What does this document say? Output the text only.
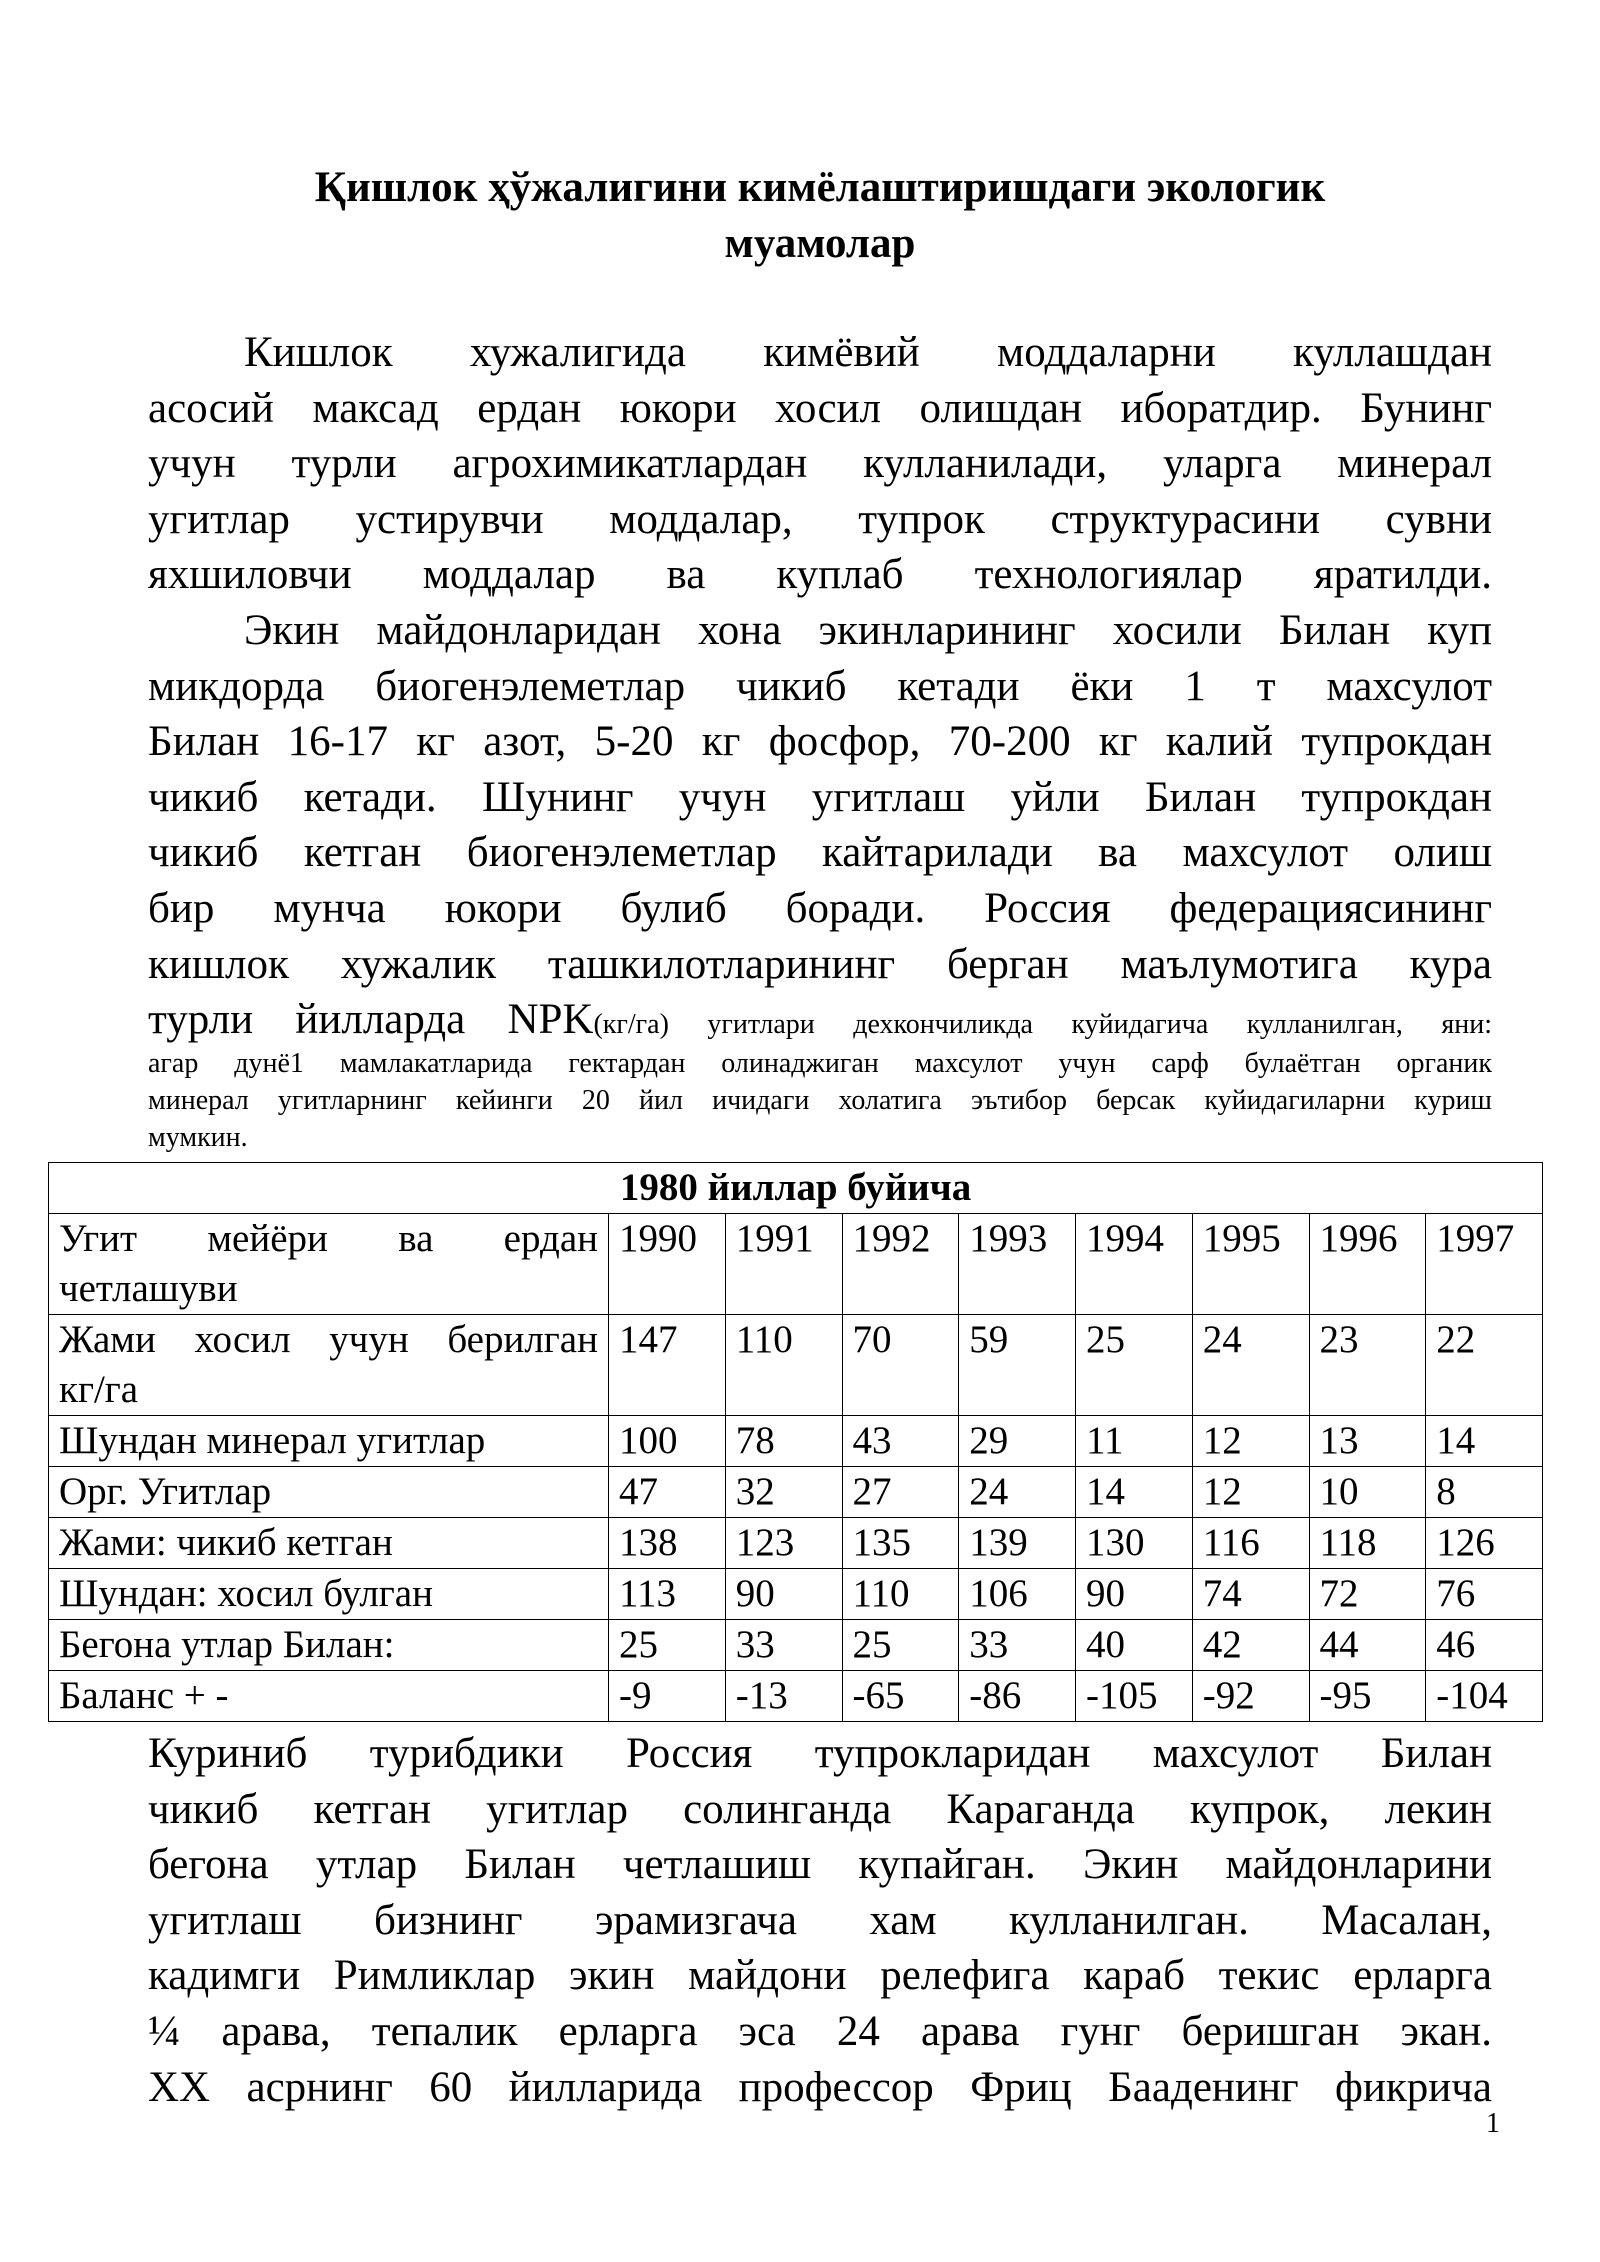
Қишлок ҳўжалигини кимёлаштиришдаги экологик
муамолар
Кишлок хужалигида кимёвий моддаларни куллашдан
асосий максад ердан юкори хосил олишдан иборатдир. Бунинг
учун турли агрохимикатлардан кулланилади, уларга минерал
угитлар устирувчи моддалар, тупрок структурасини сувни
яхшиловчи моддалар ва куплаб технологиялар яратилди.
Экин майдонларидан хона экинларининг хосили Билан куп
микдорда биогенэлеметлар чикиб кетади ёки 1 т махсулот
Билан 16-17 кг азот, 5-20 кг фосфор, 70-200 кг калий тупрокдан
чикиб кетади. Шунинг учун угитлаш уйли Билан тупрокдан
чикиб кетган биогенэлеметлар кайтарилади ва махсулот олиш
бир мунча юкори булиб боради. Россия федерациясининг
кишлок хужалик ташкилотларининг берган маълумотига кура
турли йилларда NPK(кг/га) угитлари дехкончиликда куйидагича кулланилган, яни:
агар дунё1 мамлакатларида гектардан олинаджиган махсулот учун сарф булаётган органик
минерал угитларнинг кейинги 20 йил ичидаги холатига эътибор берсак куйидагиларни куриш
мумкин.
1980 йиллар буйича								

Угит мейёри ва ердан
четлашуви	1990	1991	1992	1993	1994	1995	1996	1997

Жами хосил учун берилган
кг/га	147	110	70	59	25	24	23	22
Шундан минерал угитлар	100	78	43	29	11	12	13	14
Орг. Угитлар	47	32	27	24	14	12	10	8
Жами: чикиб кетган	138	123	135	139	130	116	118	126
Шундан: хосил булган	113	90	110	106	90	74	72	76
Бегона утлар Билан:	25	33	25	33	40	42	44	46
Баланс + -	-9	-13	-65	-86	-105	-92	-95	-104
Куриниб турибдики Россия тупрокларидан махсулот Билан
чикиб кетган угитлар солинганда Караганда купрок, лекин
бегона утлар Билан четлашиш купайган. Экин майдонларини
угитлаш бизнинг эрамизгача хам кулланилган. Масалан,
кадимги Римликлар экин майдони релефига караб текис ерларга
¼ арава, тепалик ерларга эса 24 арава гунг беришган экан.
XX асрнинг 60 йилларида профессор Фриц Бааденинг фикрича
1
